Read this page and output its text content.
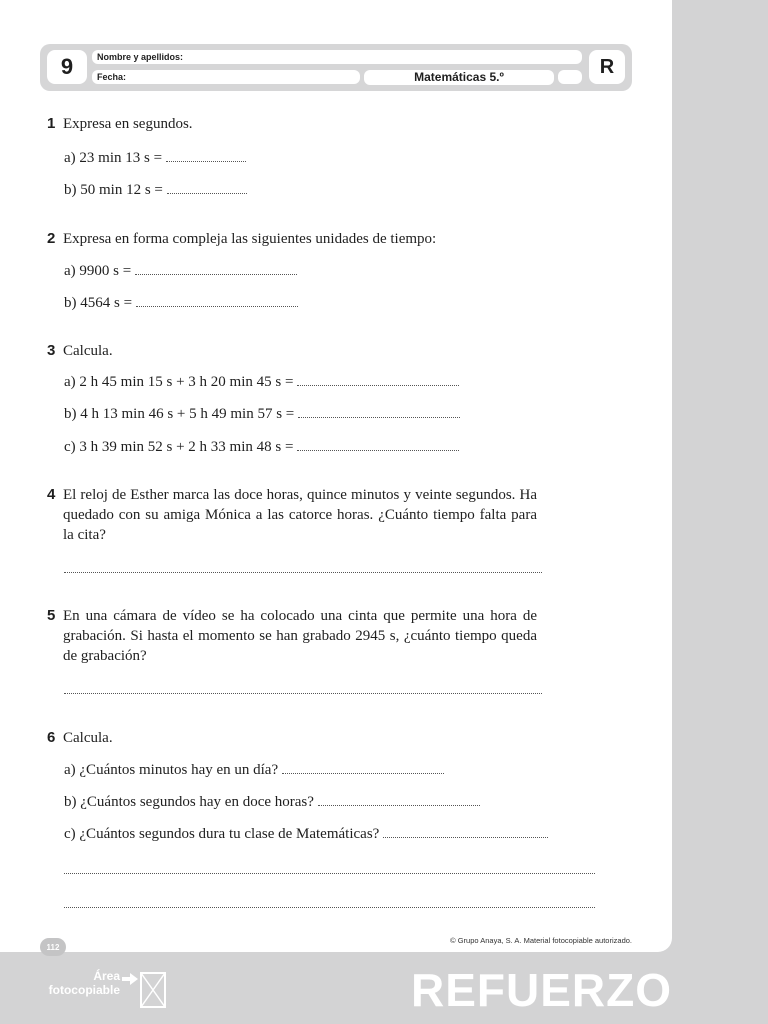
9	Nombre y apellidos:
Fecha:	Matemáticas 5.º	R
1 Expresa en segundos.
a) 23 min 13 s =
b) 50 min 12 s =
2 Expresa en forma compleja las siguientes unidades de tiempo:
a) 9900 s =
b) 4564 s =
3 Calcula.
a) 2 h 45 min 15 s + 3 h 20 min 45 s =
b) 4 h 13 min 46 s + 5 h 49 min 57 s =
c) 3 h 39 min 52 s + 2 h 33 min 48 s =
4 El reloj de Esther marca las doce horas, quince minutos y veinte segundos. Ha quedado con su amiga Mónica a las catorce horas. ¿Cuánto tiempo falta para la cita?
5 En una cámara de vídeo se ha colocado una cinta que permite una hora de grabación. Si hasta el momento se han grabado 2945 s, ¿cuánto tiempo queda de grabación?
6 Calcula.
a) ¿Cuántos minutos hay en un día?
b) ¿Cuántos segundos hay en doce horas?
c) ¿Cuántos segundos dura tu clase de Matemáticas?
© Grupo Anaya, S. A. Material fotocopiable autorizado.
112
Área
fotocopiable	REFUERZO
